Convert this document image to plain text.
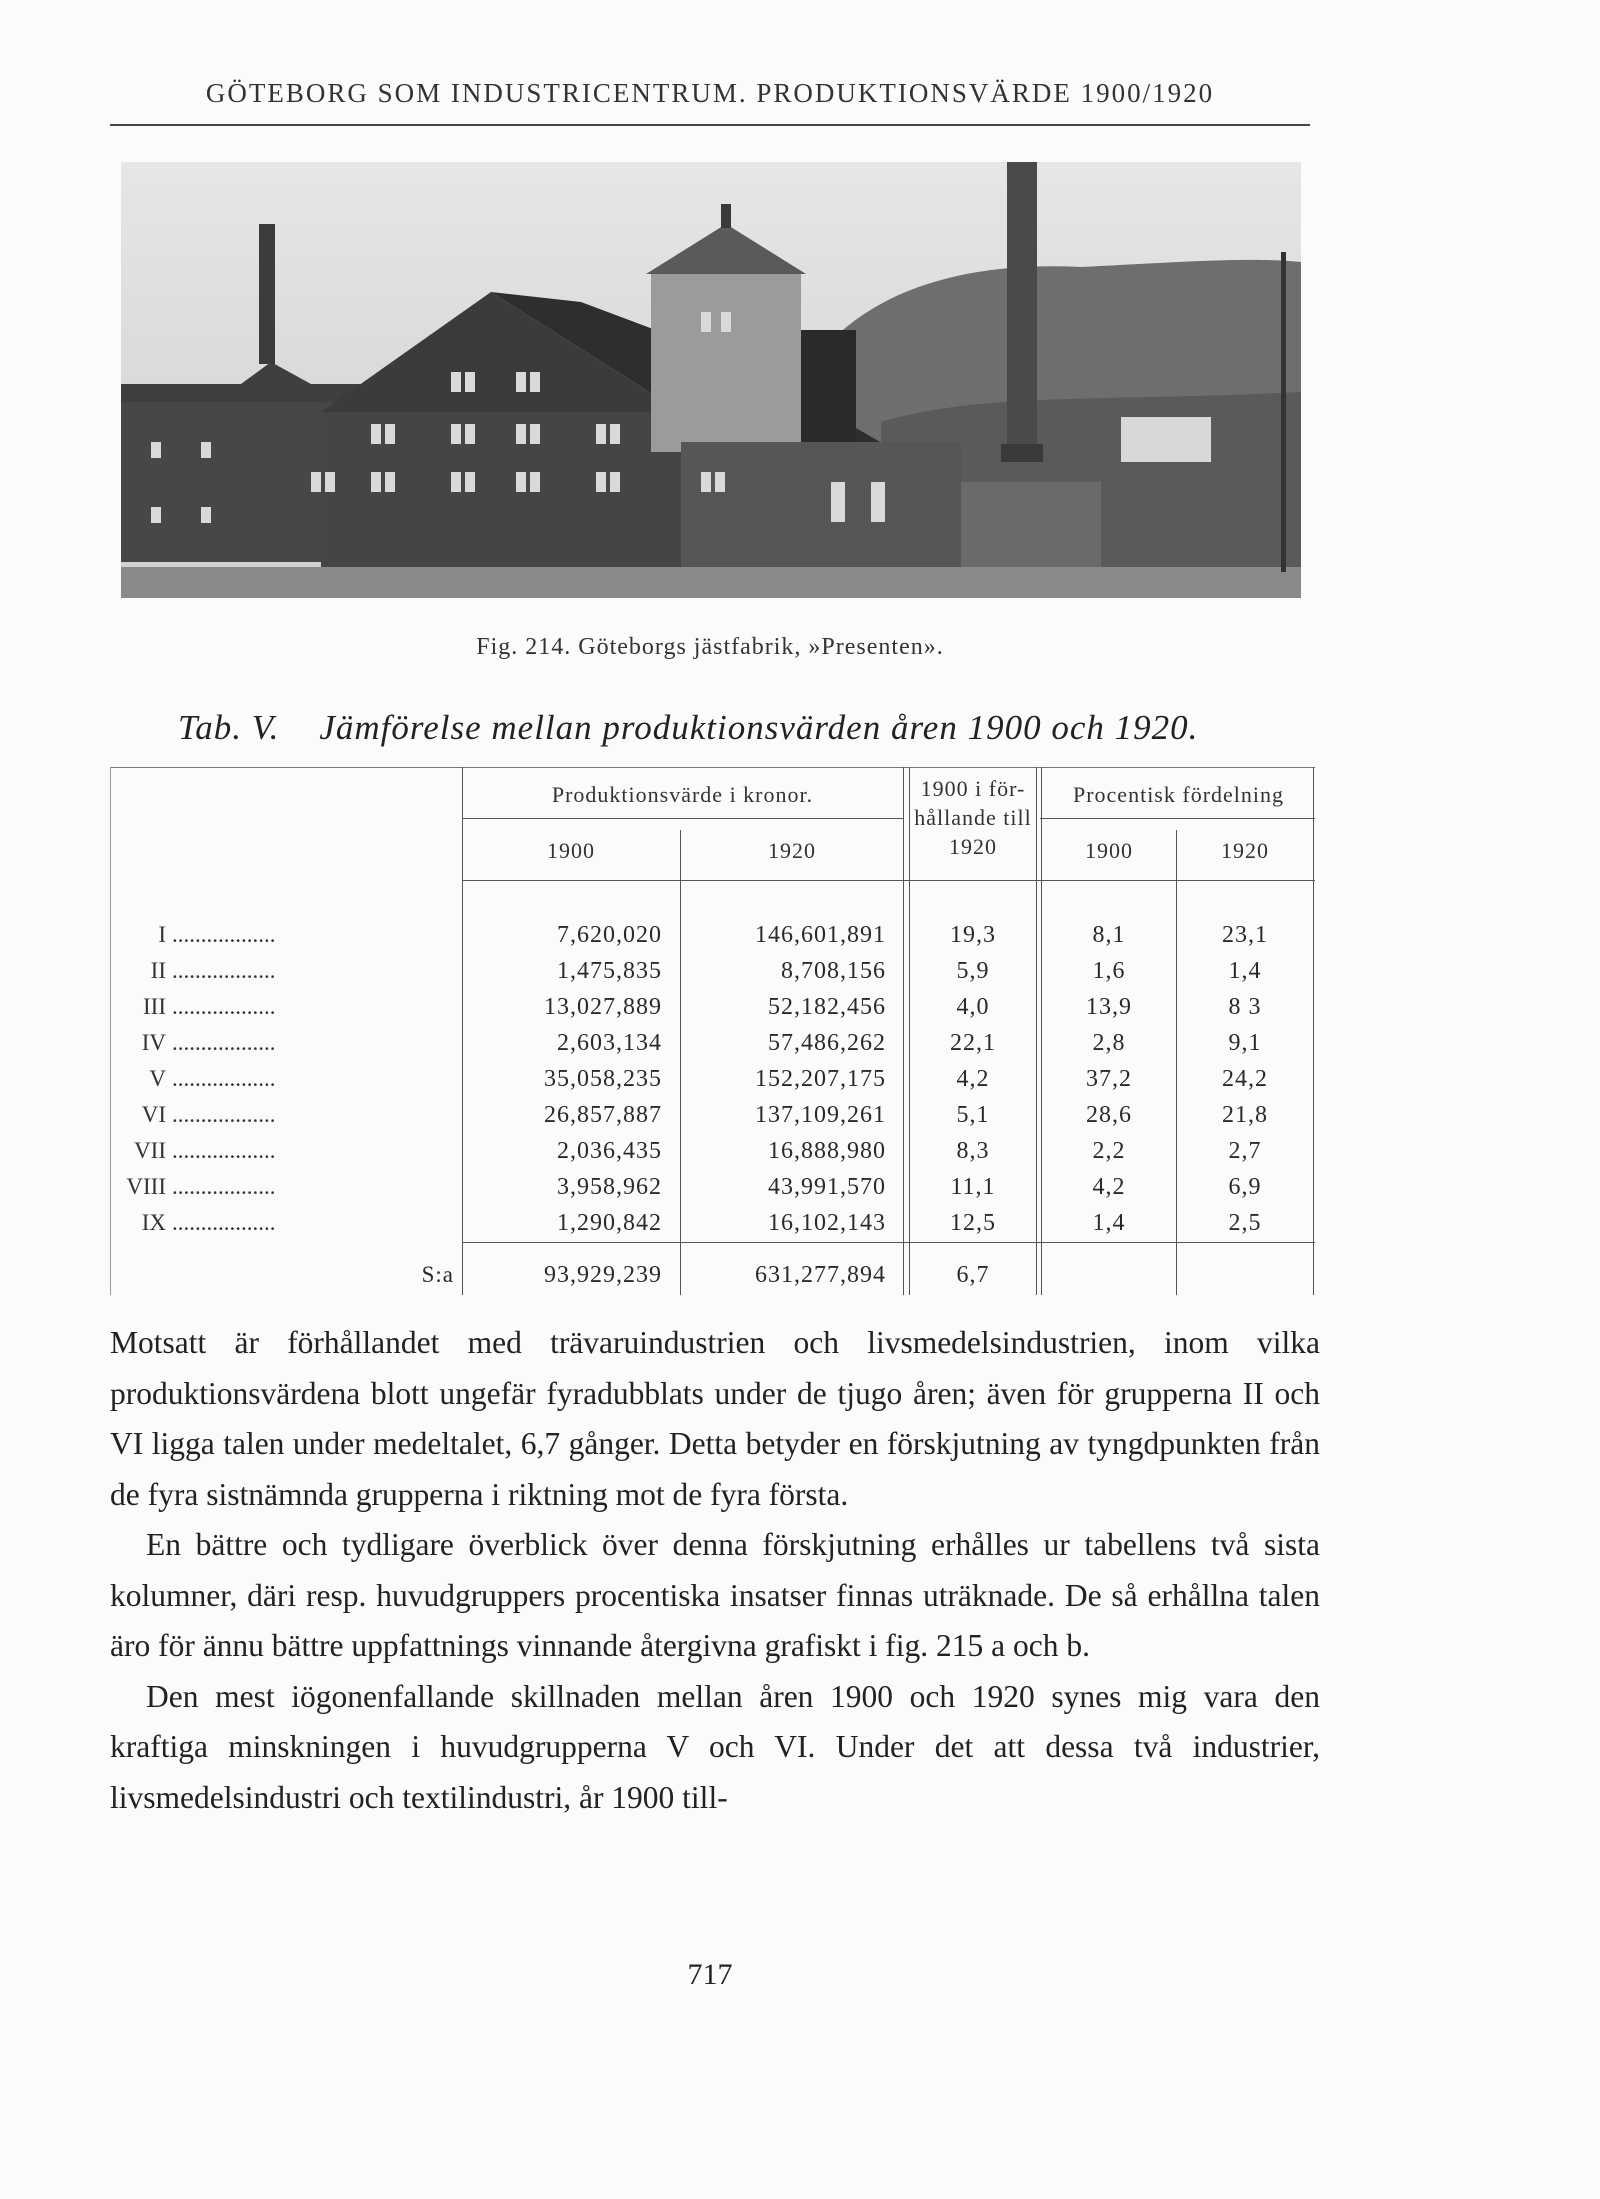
GÖTEBORG SOM INDUSTRICENTRUM. PRODUKTIONSVÄRDE 1900/1920
Fig. 214. Göteborgs jästfabrik, »Presenten».
Tab. V. Jämförelse mellan produktionsvärden åren 1900 och 1920.
Produktionsvärde i kronor.	1900 i för-hållande till 1920
Procentisk fördelning
1900	1920	1900	1920
I ..................	7,620,020	146,601,891	19,3	8,1	23,1
II ..................	1,475,835	8,708,156	5,9	1,6	1,4
III ..................	13,027,889	52,182,456	4,0	13,9	8 3
IV ..................	2,603,134	57,486,262	22,1	2,8	9,1
V ..................	35,058,235	152,207,175	4,2	37,2	24,2
VI ..................	26,857,887	137,109,261	5,1	28,6	21,8
VII ..................	2,036,435	16,888,980	8,3	2,2	2,7
VIII ..................	3,958,962	43,991,570	11,1	4,2	6,9
IX ..................	1,290,842	16,102,143	12,5	1,4	2,5
S:a	93,929,239	631,277,894	6,7

Motsatt är förhållandet med trävaruindustrien och livsmedelsindustrien, inom vilka produktionsvärdena blott ungefär fyradubblats under de tjugo åren; även för grupperna II och VI ligga talen under medeltalet, 6,7 gånger. Detta betyder en förskjutning av tyngdpunkten från de fyra sistnämnda grupperna i riktning mot de fyra första.

En bättre och tydligare överblick över denna förskjutning erhålles ur tabellens två sista kolumner, däri resp. huvudgruppers procentiska insatser finnas uträknade. De så erhållna talen äro för ännu bättre uppfattnings vinnande återgivna grafiskt i fig. 215 a och b.

Den mest iögonenfallande skillnaden mellan åren 1900 och 1920 synes mig vara den kraftiga minskningen i huvudgrupperna V och VI. Under det att dessa två industrier, livsmedelsindustri och textilindustri, år 1900 till-

717
